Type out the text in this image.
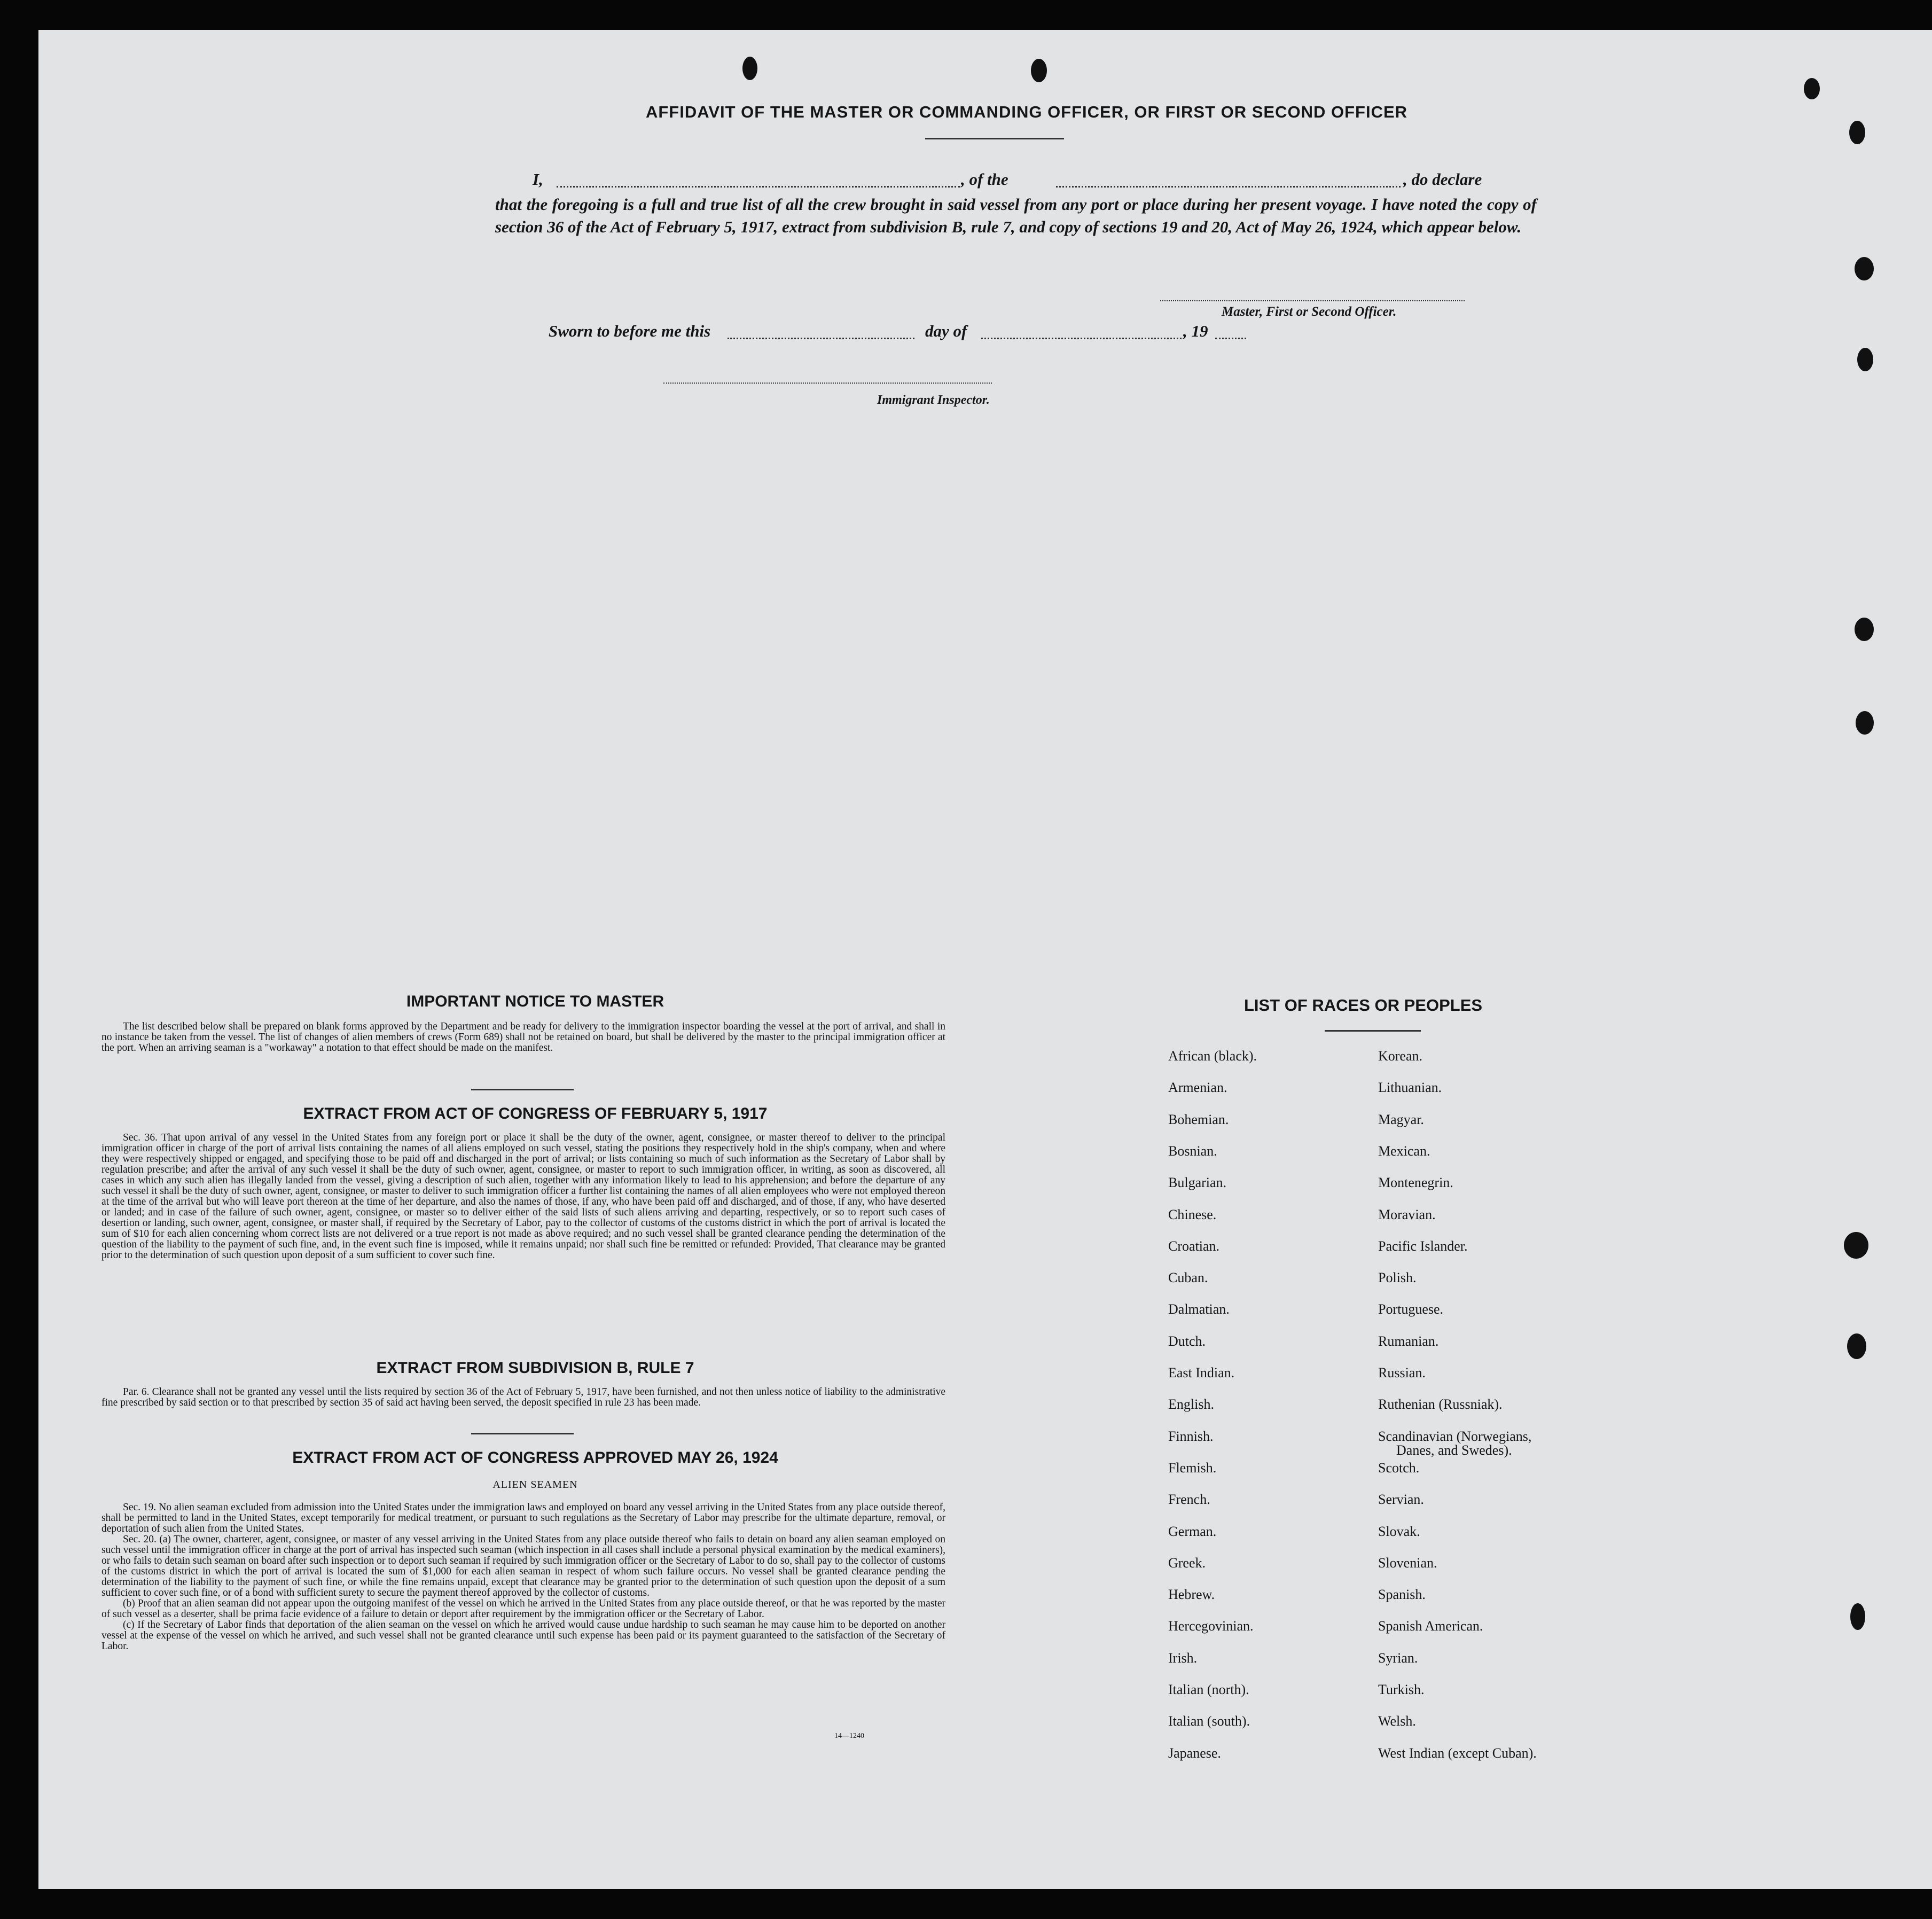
AFFIDAVIT OF THE MASTER OR COMMANDING OFFICER, OR FIRST OR SECOND OFFICER
I,	, of the	, do declare
that the foregoing is a full and true list of all the crew brought in said vessel from any port or place during her present voyage. I have noted the copy of section 36 of the Act of February 5, 1917, extract from subdivision B, rule 7, and copy of sections 19 and 20, Act of May 26, 1924, which appear below.
Master, First or Second Officer.
Sworn to before me this	day of	, 19
Immigrant Inspector.
IMPORTANT NOTICE TO MASTER

The list described below shall be prepared on blank forms approved by the Department and be ready for delivery to the immigration inspector boarding the vessel at the port of arrival, and shall in no instance be taken from the vessel. The list of changes of alien members of crews (Form 689) shall not be retained on board, but shall be delivered by the master to the principal immigration officer at the port. When an arriving seaman is a "workaway" a notation to that effect should be made on the manifest.

EXTRACT FROM ACT OF CONGRESS OF FEBRUARY 5, 1917

Sec. 36. That upon arrival of any vessel in the United States from any foreign port or place it shall be the duty of the owner, agent, consignee, or master thereof to deliver to the principal immigration officer in charge of the port of arrival lists containing the names of all aliens employed on such vessel, stating the positions they respectively hold in the ship's company, when and where they were respectively shipped or engaged, and specifying those to be paid off and discharged in the port of arrival; or lists containing so much of such information as the Secretary of Labor shall by regulation prescribe; and after the arrival of any such vessel it shall be the duty of such owner, agent, consignee, or master to report to such immigration officer, in writing, as soon as discovered, all cases in which any such alien has illegally landed from the vessel, giving a description of such alien, together with any information likely to lead to his apprehension; and before the departure of any such vessel it shall be the duty of such owner, agent, consignee, or master to deliver to such immigration officer a further list containing the names of all alien employees who were not employed thereon at the time of the arrival but who will leave port thereon at the time of her departure, and also the names of those, if any, who have been paid off and discharged, and of those, if any, who have deserted or landed; and in case of the failure of such owner, agent, consignee, or master so to deliver either of the said lists of such aliens arriving and departing, respectively, or so to report such cases of desertion or landing, such owner, agent, consignee, or master shall, if required by the Secretary of Labor, pay to the collector of customs of the customs district in which the port of arrival is located the sum of $10 for each alien concerning whom correct lists are not delivered or a true report is not made as above required; and no such vessel shall be granted clearance pending the determination of the question of the liability to the payment of such fine, and, in the event such fine is imposed, while it remains unpaid; nor shall such fine be remitted or refunded: Provided, That clearance may be granted prior to the determination of such question upon deposit of a sum sufficient to cover such fine.

EXTRACT FROM SUBDIVISION B, RULE 7

Par. 6. Clearance shall not be granted any vessel until the lists required by section 36 of the Act of February 5, 1917, have been furnished, and not then unless notice of liability to the administrative fine prescribed by said section or to that prescribed by section 35 of said act having been served, the deposit specified in rule 23 has been made.

EXTRACT FROM ACT OF CONGRESS APPROVED MAY 26, 1924
ALIEN SEAMEN

Sec. 19. No alien seaman excluded from admission into the United States under the immigration laws and employed on board any vessel arriving in the United States from any place outside thereof, shall be permitted to land in the United States, except temporarily for medical treatment, or pursuant to such regulations as the Secretary of Labor may prescribe for the ultimate departure, removal, or deportation of such alien from the United States.

Sec. 20. (a) The owner, charterer, agent, consignee, or master of any vessel arriving in the United States from any place outside thereof who fails to detain on board any alien seaman employed on such vessel until the immigration officer in charge at the port of arrival has inspected such seaman (which inspection in all cases shall include a personal physical examination by the medical examiners), or who fails to detain such seaman on board after such inspection or to deport such seaman if required by such immigration officer or the Secretary of Labor to do so, shall pay to the collector of customs of the customs district in which the port of arrival is located the sum of $1,000 for each alien seaman in respect of whom such failure occurs. No vessel shall be granted clearance pending the determination of the liability to the payment of such fine, or while the fine remains unpaid, except that clearance may be granted prior to the determination of such question upon the deposit of a sum sufficient to cover such fine, or of a bond with sufficient surety to secure the payment thereof approved by the collector of customs.

(b) Proof that an alien seaman did not appear upon the outgoing manifest of the vessel on which he arrived in the United States from any place outside thereof, or that he was reported by the master of such vessel as a deserter, shall be prima facie evidence of a failure to detain or deport after requirement by the immigration officer or the Secretary of Labor.

(c) If the Secretary of Labor finds that deportation of the alien seaman on the vessel on which he arrived would cause undue hardship to such seaman he may cause him to be deported on another vessel at the expense of the vessel on which he arrived, and such vessel shall not be granted clearance until such expense has been paid or its payment guaranteed to the satisfaction of the Secretary of Labor.

14—1240
LIST OF RACES OR PEOPLES
African (black).
Armenian.
Bohemian.
Bosnian.
Bulgarian.
Chinese.
Croatian.
Cuban.
Dalmatian.
Dutch.
East Indian.
English.
Finnish.
Flemish.
French.
German.
Greek.
Hebrew.
Hercegovinian.
Irish.
Italian (north).
Italian (south).
Japanese.
Korean.
Lithuanian.
Magyar.
Mexican.
Montenegrin.
Moravian.
Pacific Islander.
Polish.
Portuguese.
Rumanian.
Russian.
Ruthenian (Russniak).
Scandinavian (Norwegians,
Scotch.
Servian.
Slovak.
Slovenian.
Spanish.
Spanish American.
Syrian.
Turkish.
Welsh.
West Indian (except Cuban).
Danes, and Swedes).
